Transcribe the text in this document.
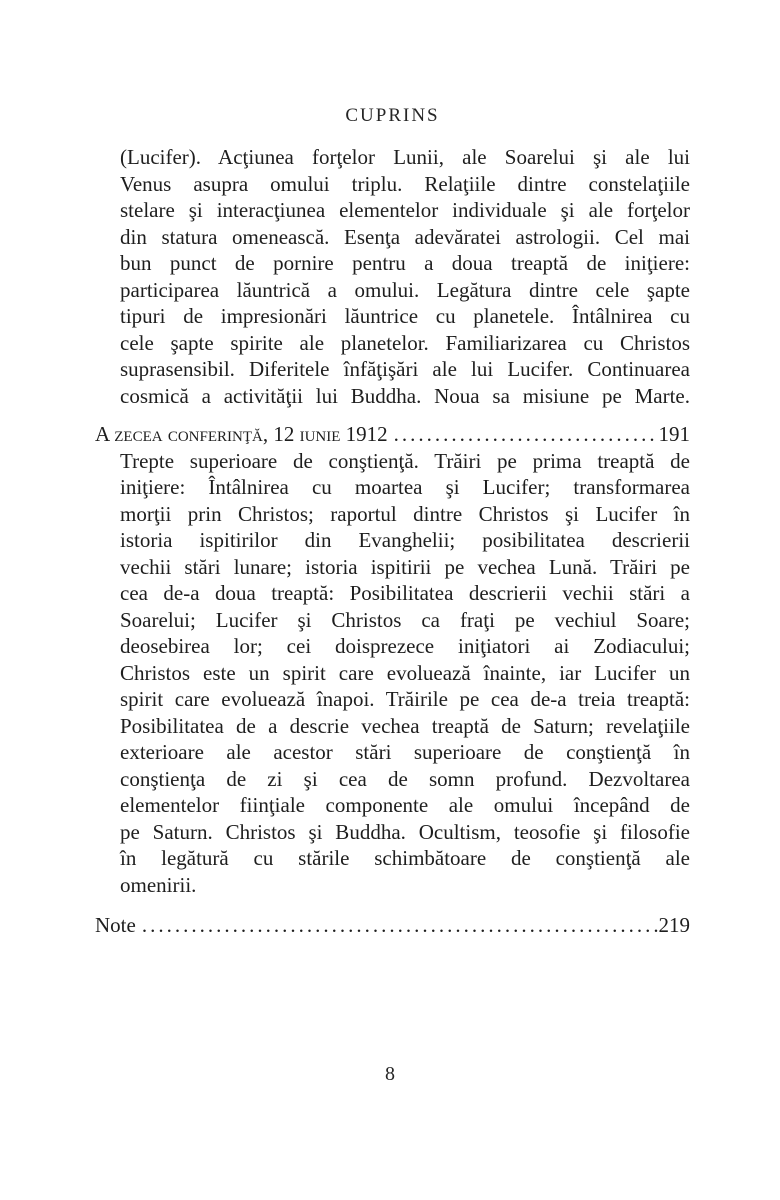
CUPRINS
(Lucifer). Acţiunea forţelor Lunii, ale Soarelui şi ale lui
Venus asupra omului triplu. Relaţiile dintre constelaţiile
stelare şi interacţiunea elementelor individuale şi ale forţelor
din statura omenească. Esenţa adevăratei astrologii. Cel mai
bun punct de pornire pentru a doua treaptă de iniţiere:
participarea lăuntrică a omului. Legătura dintre cele şapte
tipuri de impresionări lăuntrice cu planetele. Întâlnirea cu
cele şapte spirite ale planetelor. Familiarizarea cu Christos
suprasensibil. Diferitele înfăţişări ale lui Lucifer. Continuarea
cosmică a activităţii lui Buddha. Noua sa misiune pe Marte.
A zecea conferinţă, 12 iunie 1912 .....	191
Trepte superioare de conştienţă. Trăiri pe prima treaptă de
iniţiere: Întâlnirea cu moartea şi Lucifer; transformarea
morţii prin Christos; raportul dintre Christos şi Lucifer în
istoria ispitirilor din Evanghelii; posibilitatea descrierii
vechii stări lunare; istoria ispitirii pe vechea Lună. Trăiri pe
cea de-a doua treaptă: Posibilitatea descrierii vechii stări a
Soarelui; Lucifer şi Christos ca fraţi pe vechiul Soare;
deosebirea lor; cei doisprezece iniţiatori ai Zodiacului;
Christos este un spirit care evoluează înainte, iar Lucifer un
spirit care evoluează înapoi. Trăirile pe cea de-a treia treaptă:
Posibilitatea de a descrie vechea treaptă de Saturn; revelaţiile
exterioare ale acestor stări superioare de conştienţă în
conştienţa de zi şi cea de somn profund. Dezvoltarea
elementelor fiinţiale componente ale omului începând de
pe Saturn. Christos şi Buddha. Ocultism, teosofie şi filosofie
în legătură cu stările schimbătoare de conştienţă ale
omenirii.
Note .....	219
8
